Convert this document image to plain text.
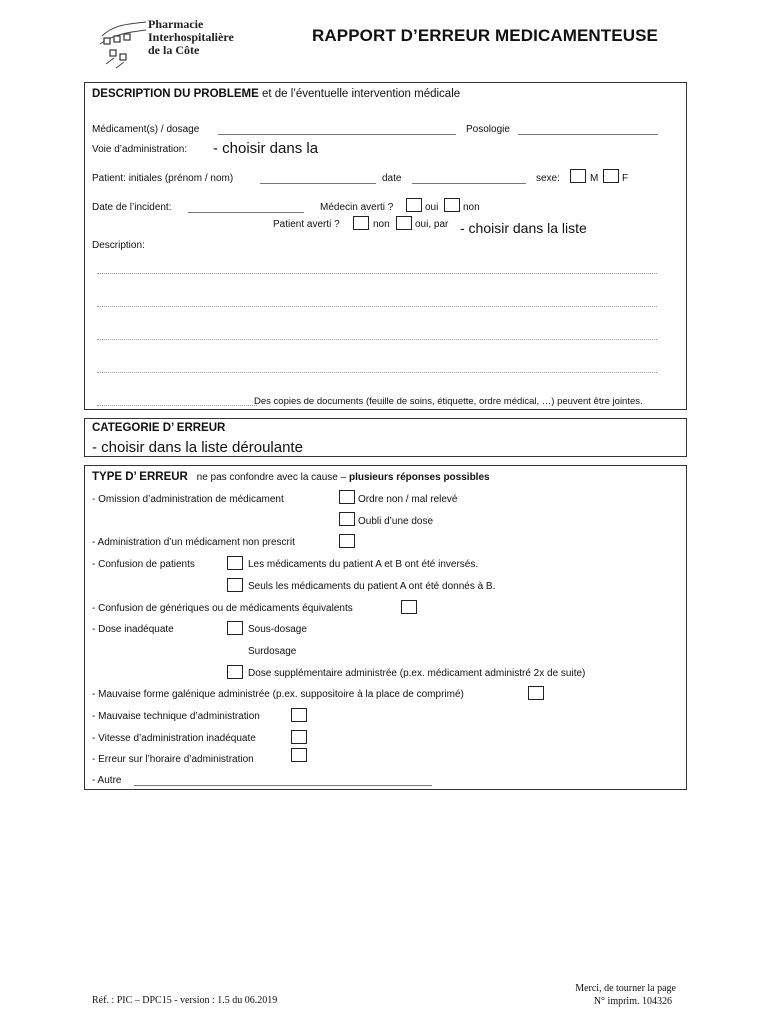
Pharmacie
Interhospitalière
de la Côte
RAPPORT D’ERREUR MEDICAMENTEUSE
DESCRIPTION DU PROBLEME et de l’éventuelle intervention médicale
Médicament(s) / dosage	Posologie
Voie d’administration: - choisir dans la
Patient: initiales (prénom / nom)	date	sexe:	M F
Date de l’incident:	Médecin averti ?	oui non
Patient averti ?	non	oui, par - choisir dans la liste
Description:
Des copies de documents (feuille de soins, étiquette, ordre médical, …) peuvent être jointes.
CATEGORIE D’ ERREUR
- choisir dans la liste déroulante
TYPE D’ ERREUR ne pas confondre avec la cause – plusieurs réponses possibles
- Omission d’administration de médicament	Ordre non / mal relevé
Oubli d’une dose
- Administration d’un médicament non prescrit
- Confusion de patients	Les médicaments du patient A et B ont été inversés.
Seuls les médicaments du patient A ont été donnés à B.
- Confusion de génériques ou de médicaments équivalents
- Dose inadéquate	Sous-dosage
Surdosage
Dose supplémentaire administrée (p.ex. médicament administré 2x de suite)
- Mauvaise forme galénique administrée (p.ex. suppositoire à la place de comprimé)
- Mauvaise technique d’administration
- Vitesse d’administration inadéquate
- Erreur sur l’horaire d’administration
- Autre
Réf. : PIC – DPC15 - version : 1.5 du 06.2019
Merci, de tourner la page
N° imprim. 104326
